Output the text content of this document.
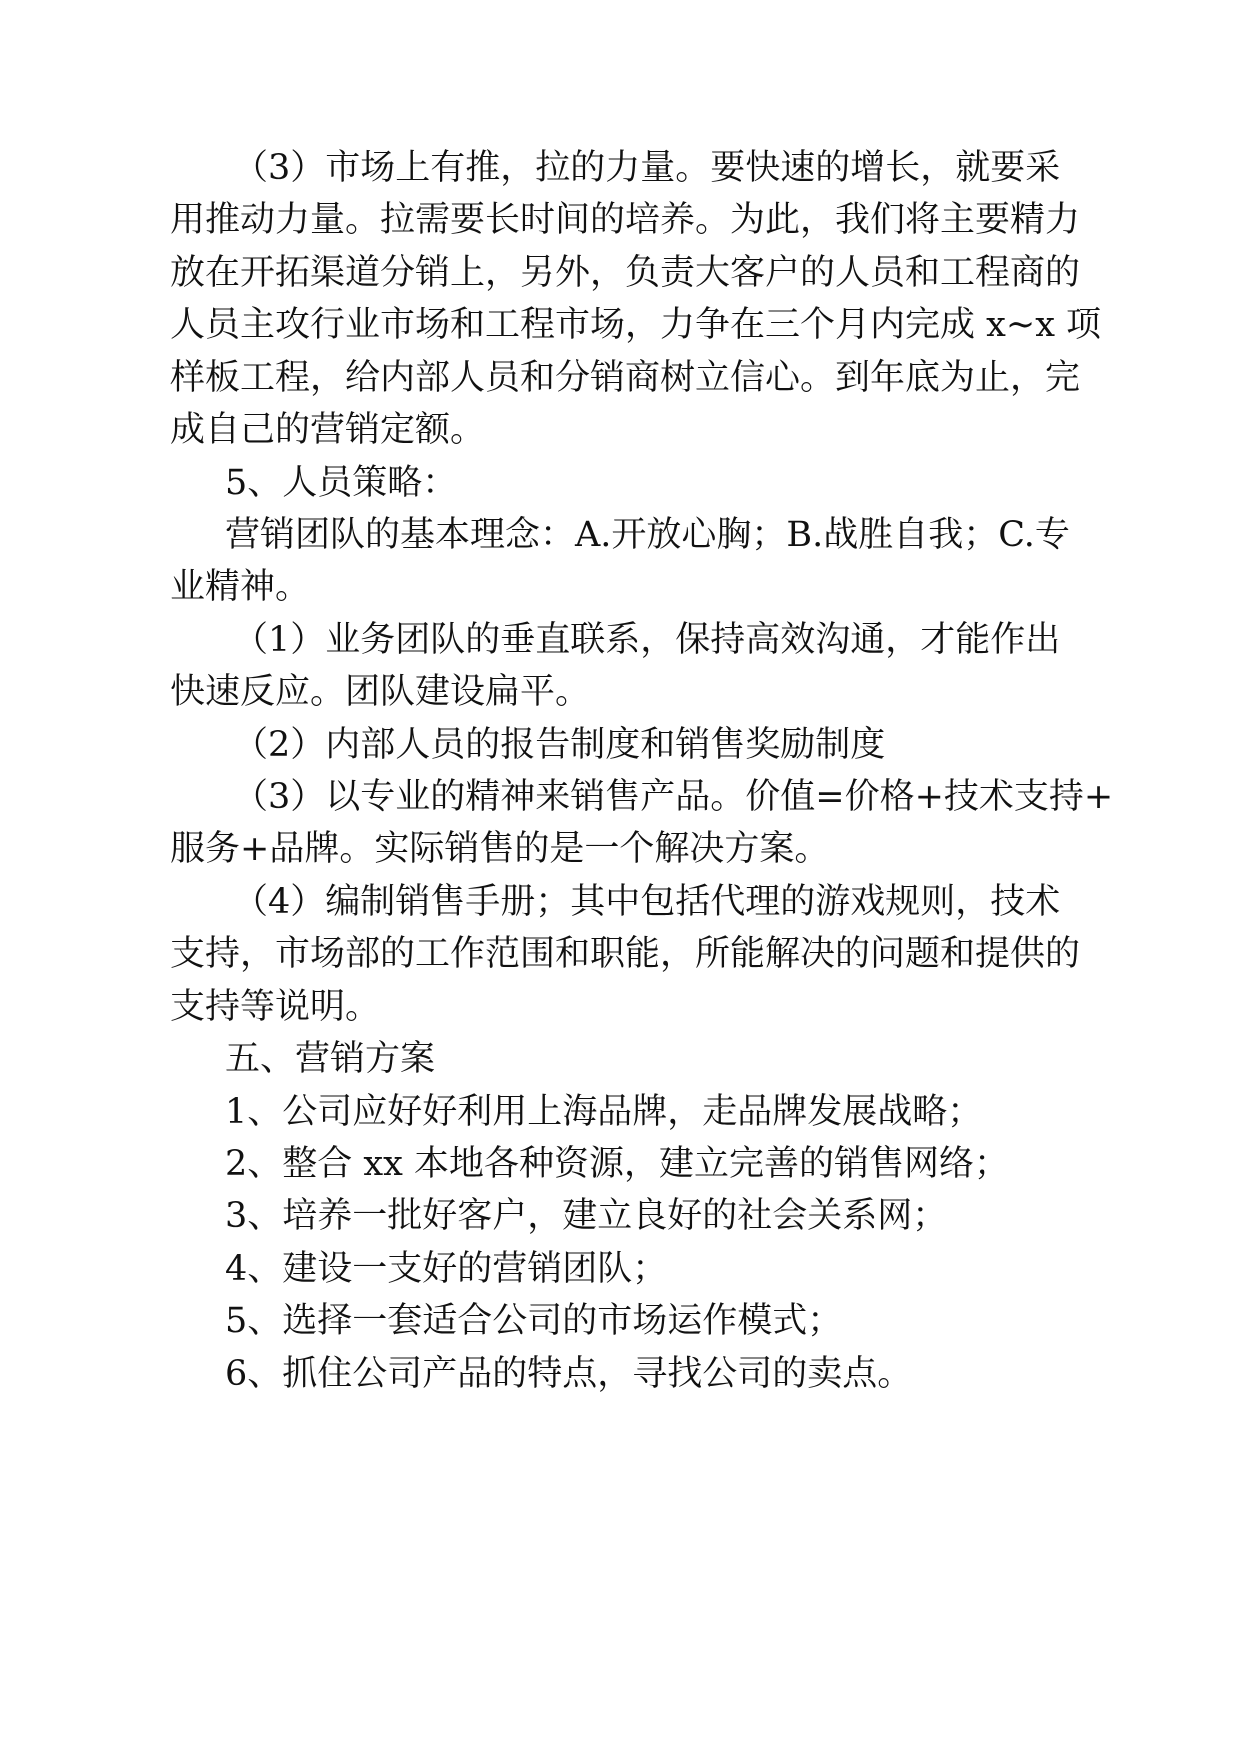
（3）市场上有推，拉的力量。要快速的增长，就要采
用推动力量。拉需要长时间的培养。为此，我们将主要精力
放在开拓渠道分销上，另外，负责大客户的人员和工程商的
人员主攻行业市场和工程市场，力争在三个月内完成 x~x 项
样板工程，给内部人员和分销商树立信心。到年底为止，完
成自己的营销定额。
5、人员策略：
营销团队的基本理念：A.开放心胸；B.战胜自我；C.专
业精神。
（1）业务团队的垂直联系，保持高效沟通，才能作出
快速反应。团队建设扁平。
（2）内部人员的报告制度和销售奖励制度
（3）以专业的精神来销售产品。价值=价格+技术支持+
服务+品牌。实际销售的是一个解决方案。
（4）编制销售手册；其中包括代理的游戏规则，技术
支持，市场部的工作范围和职能，所能解决的问题和提供的
支持等说明。
五、营销方案
1、公司应好好利用上海品牌，走品牌发展战略；
2、整合 xx 本地各种资源，建立完善的销售网络；
3、培养一批好客户，建立良好的社会关系网；
4、建设一支好的营销团队；
5、选择一套适合公司的市场运作模式；
6、抓住公司产品的特点，寻找公司的卖点。
